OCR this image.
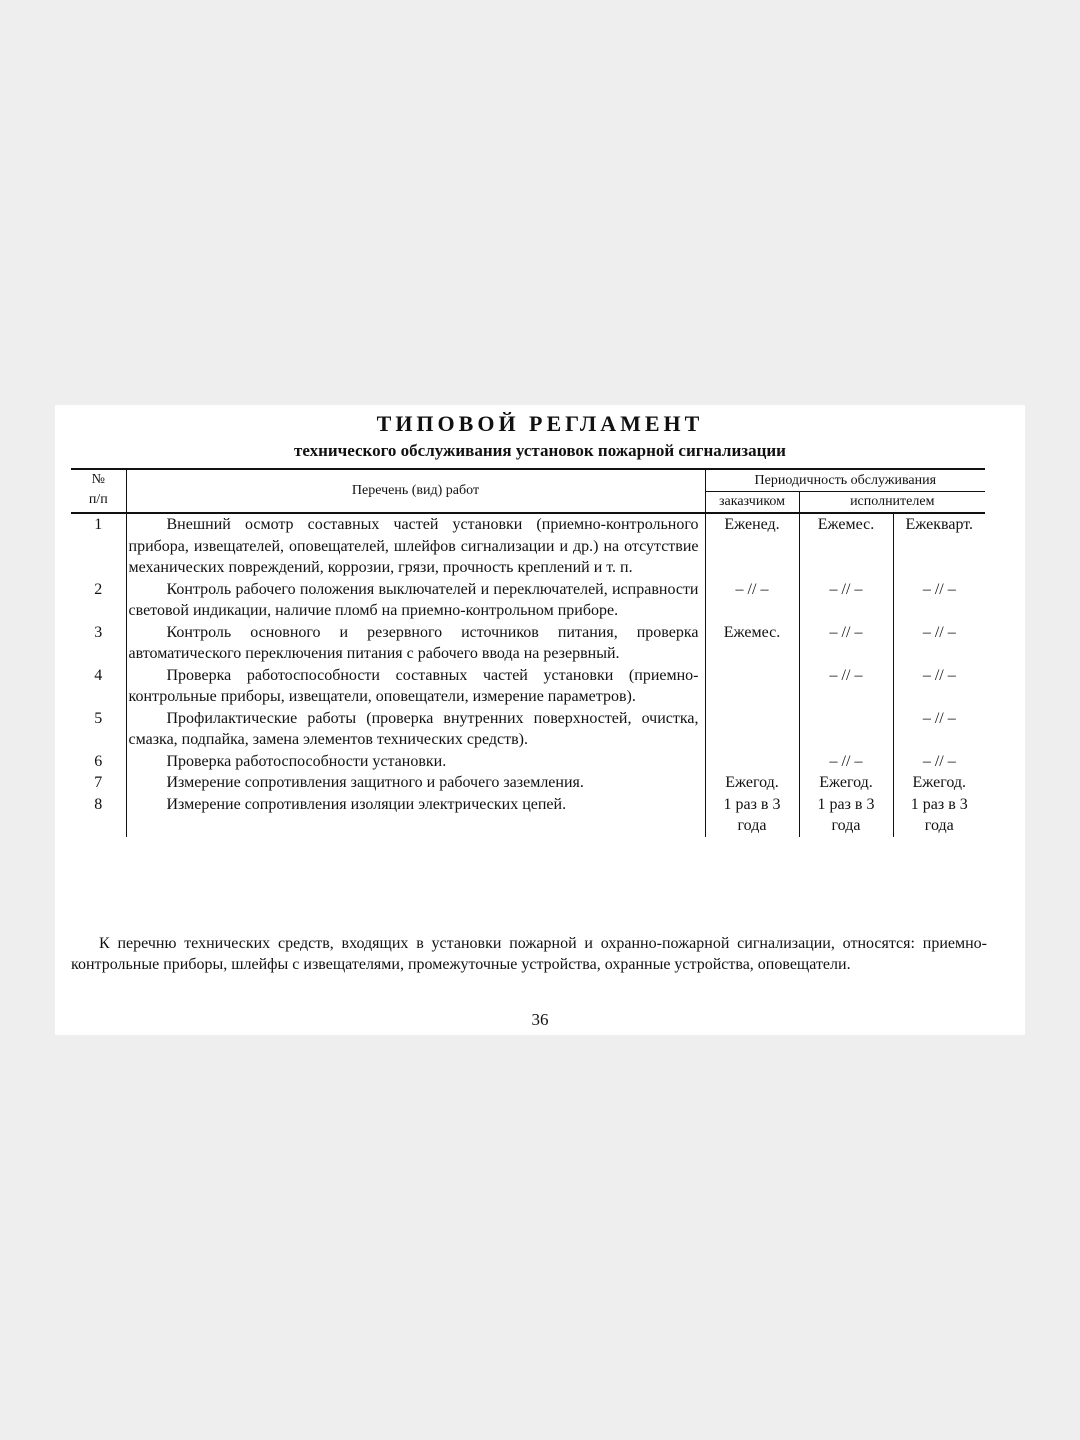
ТИПОВОЙ РЕГЛАМЕНТ
технического обслуживания установок пожарной сигнализации
№
п/п	Перечень (вид) работ	Периодичность обслуживания		
		заказчиком	исполнителем	
1	Внешний осмотр составных частей установки (приемно-контрольного прибора, извещателей, оповещателей, шлейфов сигнализации и др.) на отсутствие механических повреждений, коррозии, грязи, прочность креплений и т. п.	Еженед.	Ежемес.	Ежекварт.

2	Контроль рабочего положения выключателей и переключателей, исправности световой индикации, наличие пломб на приемно-контрольном приборе.	– // –	– // –	– // –

3	Контроль основного и резервного источников питания, проверка автоматического переключения питания с рабочего ввода на резервный.	Ежемес.	– // –	– // –

4	Проверка работоспособности составных частей установки (приемно-контрольные приборы, извещатели, оповещатели, измерение параметров).		– // –	– // –

5	Профилактические работы (проверка внутренних поверхностей, очистка, смазка, подпайка, замена элементов технических средств).			– // –

6	Проверка работоспособности установки.		– // –	– // –

7	Измерение сопротивления защитного и рабочего заземления.	Ежегод.	Ежегод.	Ежегод.

8	Измерение сопротивления изоляции электрических цепей.	1 раз в 3 года	1 раз в 3 года	1 раз в 3 года
К перечню технических средств, входящих в установки пожарной и охранно-пожарной сигнализации, относятся: приемно-контрольные приборы, шлейфы с извещателями, промежуточные устройства, охранные устройства, оповещатели.
36
